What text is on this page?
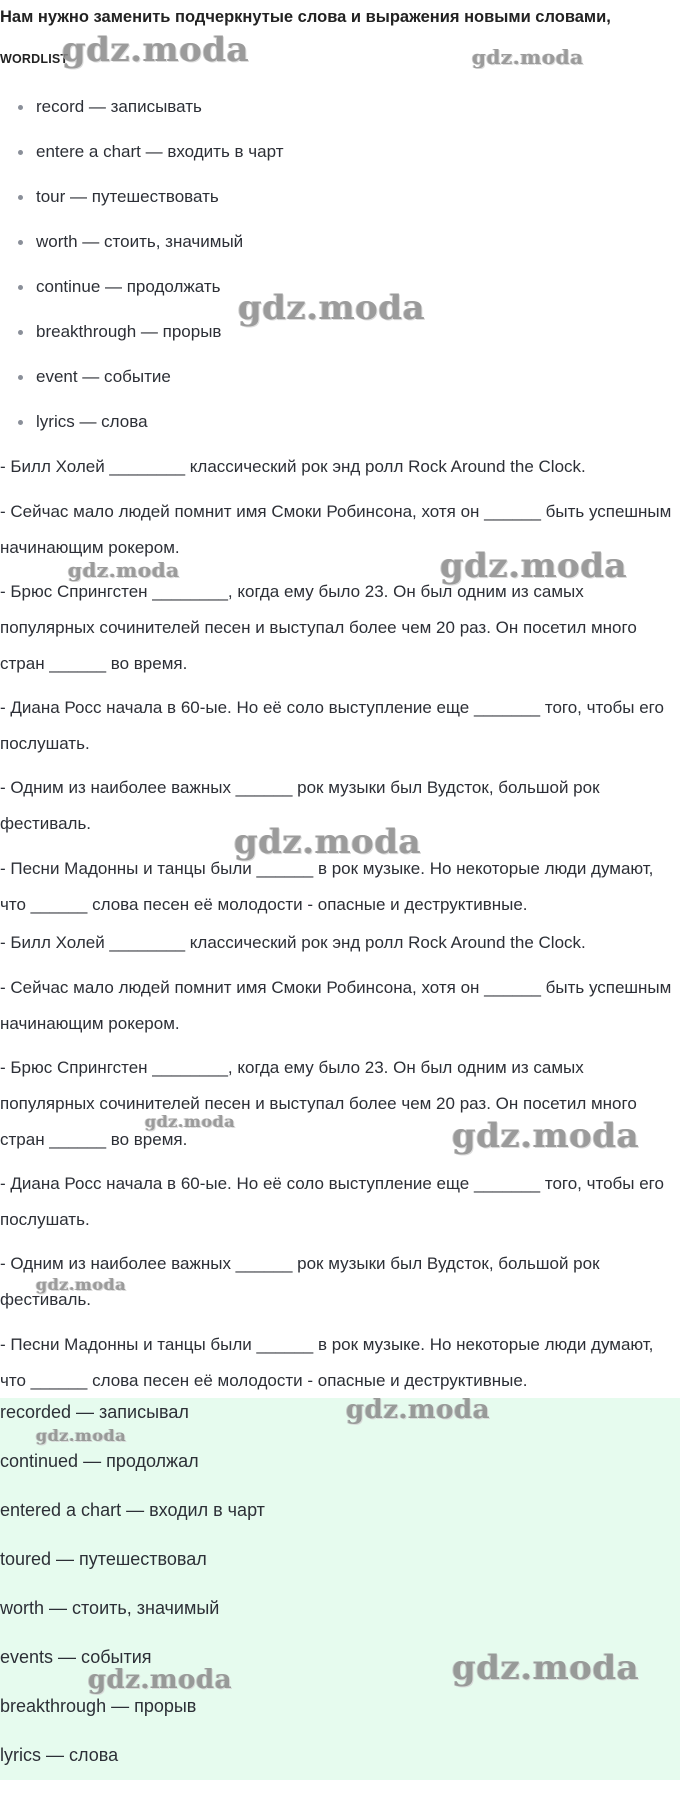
Нам нужно заменить подчеркнутые слова и выражения новыми словами,
WORDLIST
record — записывать
entere a chart — входить в чарт
tour — путешествовать
worth — стоить, значимый
continue — продолжать
breakthrough — прорыв
event — событие
lyrics — слова
- Билл Холей ________ классический рок энд ролл Rock Around the Clock.
- Сейчас мало людей помнит имя Смоки Робинсона, хотя он ______ быть успешным начинающим рокером.
- Брюс Спрингстен ________, когда ему было 23. Он был одним из самых популярных сочинителей песен и выступал более чем 20 раз. Он посетил много стран ______ во время.
- Диана Росс начала в 60-ые. Но её соло выступление еще _______ того, чтобы его послушать.
- Одним из наиболее важных ______ рок музыки был Вудсток, большой рок фестиваль.
- Песни Мадонны и танцы были ______ в рок музыке. Но некоторые люди думают, что ______ слова песен её молодости - опасные и деструктивные.
- Билл Холей ________ классический рок энд ролл Rock Around the Clock.
- Сейчас мало людей помнит имя Смоки Робинсона, хотя он ______ быть успешным начинающим рокером.
- Брюс Спрингстен ________, когда ему было 23. Он был одним из самых популярных сочинителей песен и выступал более чем 20 раз. Он посетил много стран ______ во время.
- Диана Росс начала в 60-ые. Но её соло выступление еще _______ того, чтобы его послушать.
- Одним из наиболее важных ______ рок музыки был Вудсток, большой рок фестиваль.
- Песни Мадонны и танцы были ______ в рок музыке. Но некоторые люди думают, что ______ слова песен её молодости - опасные и деструктивные.
recorded — записывал
continued — продолжал
entered a chart — входил в чарт
toured — путешествовал
worth — стоить, значимый
events — события
breakthrough — прорыв
lyrics — слова
gdz.moda	gdz.moda
gdz.moda
gdz.moda	gdz.moda
gdz.moda
gdz.moda	gdz.moda
gdz.moda
gdz.moda
gdz.moda
gdz.moda
gdz.moda
